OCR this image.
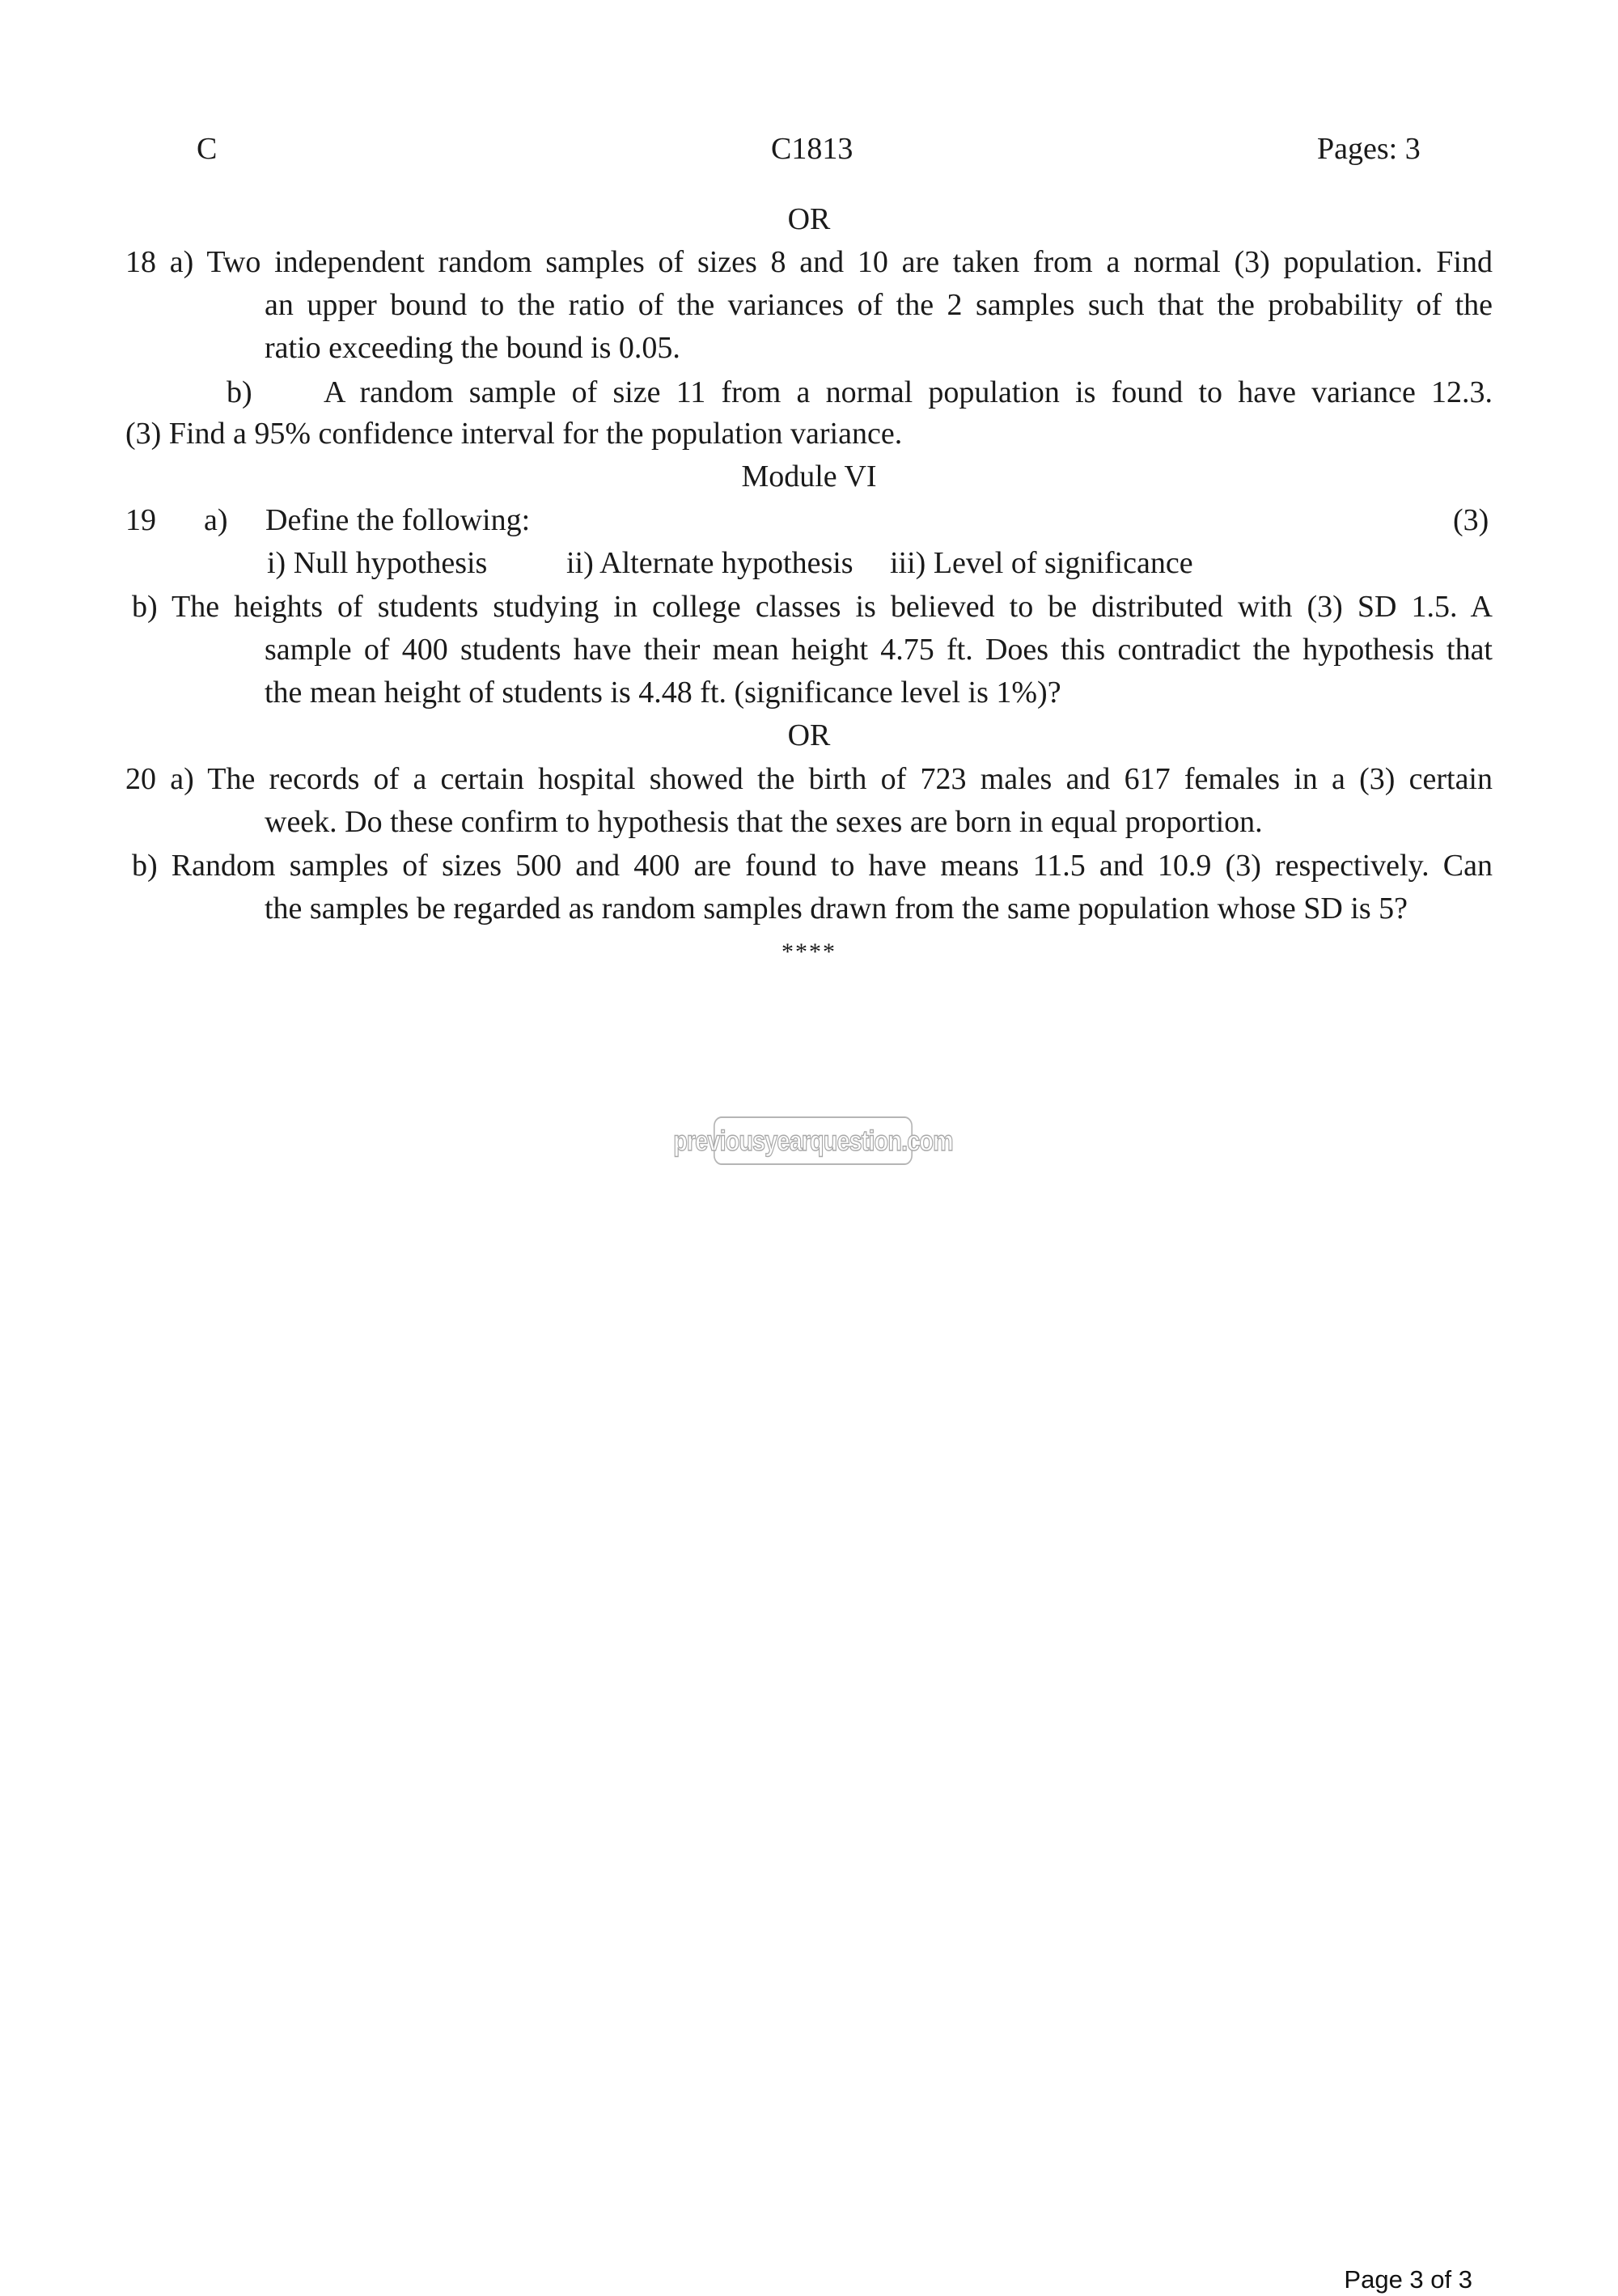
C	C1813	Pages: 3
OR
18 a) Two independent random samples of sizes 8 and 10 are taken from a normal (3) population. Find
an upper bound to the ratio of the variances of the 2 samples such that the probability of the
ratio exceeding the bound is 0.05.
b) A random sample of size 11 from a normal population is found to have variance 12.3.
(3) Find a 95% confidence interval for the population variance.
Module VI
19 a) Define the following:	(3)
i) Null hypothesis	ii) Alternate hypothesis iii) Level of significance
b) The heights of students studying in college classes is believed to be distributed with (3) SD 1.5. A
sample of 400 students have their mean height 4.75 ft. Does this contradict the hypothesis that
the mean height of students is 4.48 ft. (significance level is 1%)?
OR
20 a) The records of a certain hospital showed the birth of 723 males and 617 females in a (3) certain
week. Do these confirm to hypothesis that the sexes are born in equal proportion.
b) Random samples of sizes 500 and 400 are found to have means 11.5 and 10.9 (3) respectively. Can
the samples be regarded as random samples drawn from the same population whose SD is 5?
****
previousyearquestion.com
Page 3 of 3
